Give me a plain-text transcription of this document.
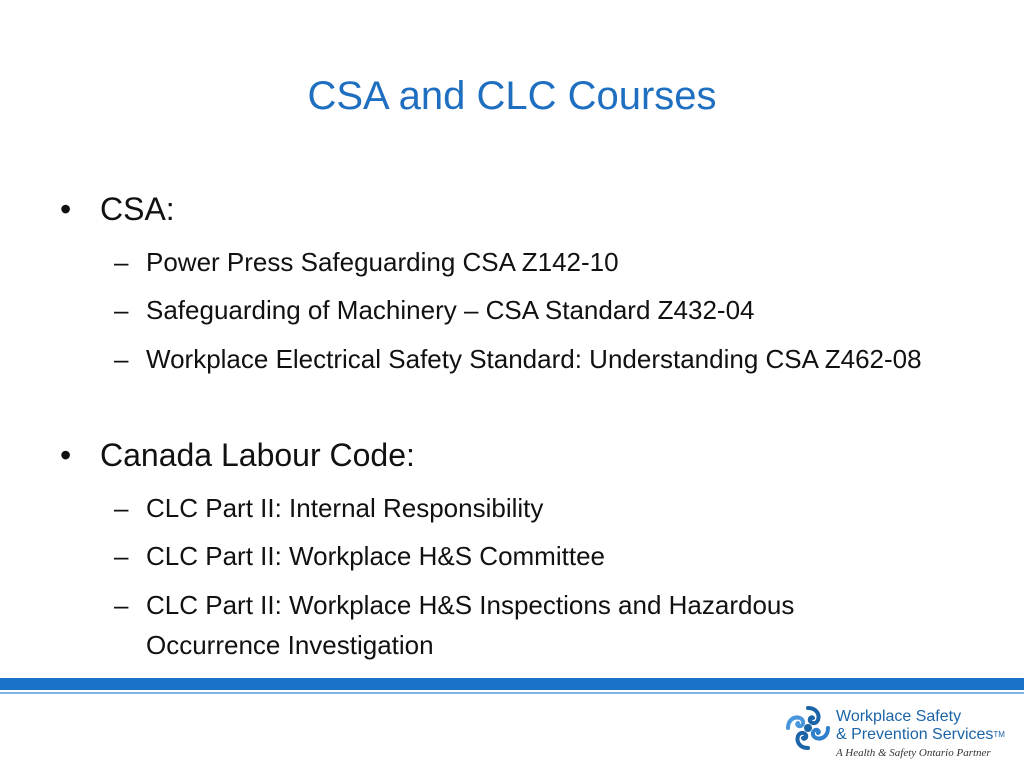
CSA and CLC Courses
• CSA:
– Power Press Safeguarding CSA Z142-10
– Safeguarding of Machinery – CSA Standard Z432-04
– Workplace Electrical Safety Standard: Understanding CSA Z462-08
• Canada Labour Code:
– CLC Part II: Internal Responsibility
– CLC Part II: Workplace H&S Committee
– CLC Part II: Workplace H&S Inspections and Hazardous Occurrence Investigation
Workplace Safety
& Prevention Services™
A Health & Safety Ontario Partner
